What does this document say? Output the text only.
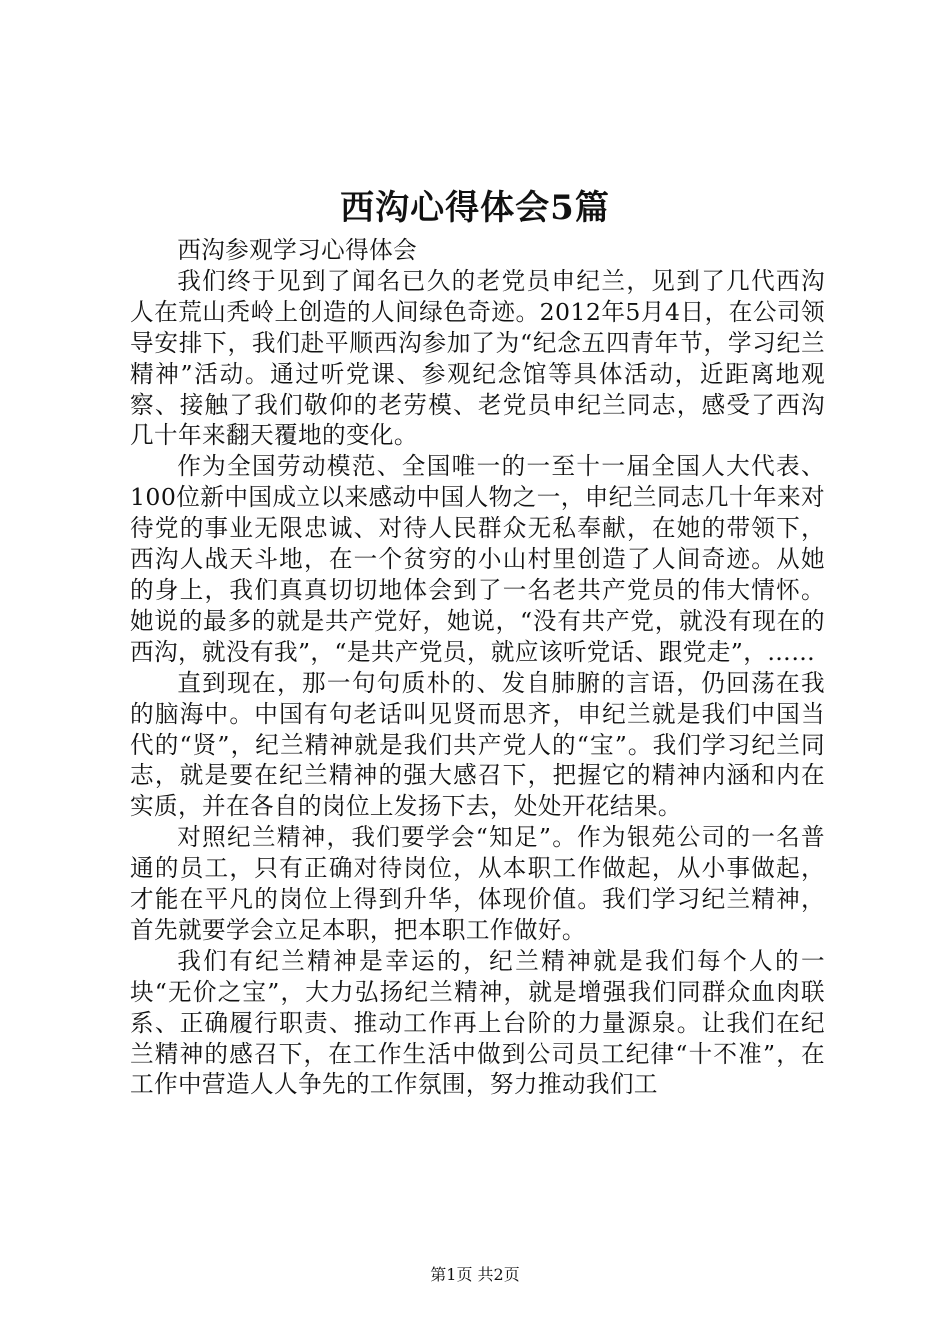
西沟心得体会5篇

西沟参观学习心得体会

我们终于见到了闻名已久的老党员申纪兰，见到了几代西沟人在荒山秃岭上创造的人间绿色奇迹。2012年5月4日，在公司领导安排下，我们赴平顺西沟参加了为“纪念五四青年节，学习纪兰精神”活动。通过听党课、参观纪念馆等具体活动，近距离地观察、接触了我们敬仰的老劳模、老党员申纪兰同志，感受了西沟几十年来翻天覆地的变化。

作为全国劳动模范、全国唯一的一至十一届全国人大代表、100位新中国成立以来感动中国人物之一，申纪兰同志几十年来对待党的事业无限忠诚、对待人民群众无私奉献，在她的带领下，西沟人战天斗地，在一个贫穷的小山村里创造了人间奇迹。从她的身上，我们真真切切地体会到了一名老共产党员的伟大情怀。她说的最多的就是共产党好，她说，“没有共产党，就没有现在的西沟，就没有我”，“是共产党员，就应该听党话、跟党走”，……

直到现在，那一句句质朴的、发自肺腑的言语，仍回荡在我的脑海中。中国有句老话叫见贤而思齐，申纪兰就是我们中国当代的“贤”，纪兰精神就是我们共产党人的“宝”。我们学习纪兰同志，就是要在纪兰精神的强大感召下，把握它的精神内涵和内在实质，并在各自的岗位上发扬下去，处处开花结果。

对照纪兰精神，我们要学会“知足”。作为银苑公司的一名普通的员工，只有正确对待岗位，从本职工作做起，从小事做起，才能在平凡的岗位上得到升华，体现价值。我们学习纪兰精神，首先就要学会立足本职，把本职工作做好。

我们有纪兰精神是幸运的，纪兰精神就是我们每个人的一块“无价之宝”，大力弘扬纪兰精神，就是增强我们同群众血肉联系、正确履行职责、推动工作再上台阶的力量源泉。让我们在纪兰精神的感召下，在工作生活中做到公司员工纪律“十不准”，在工作中营造人人争先的工作氛围，努力推动我们工

第1页 共2页
